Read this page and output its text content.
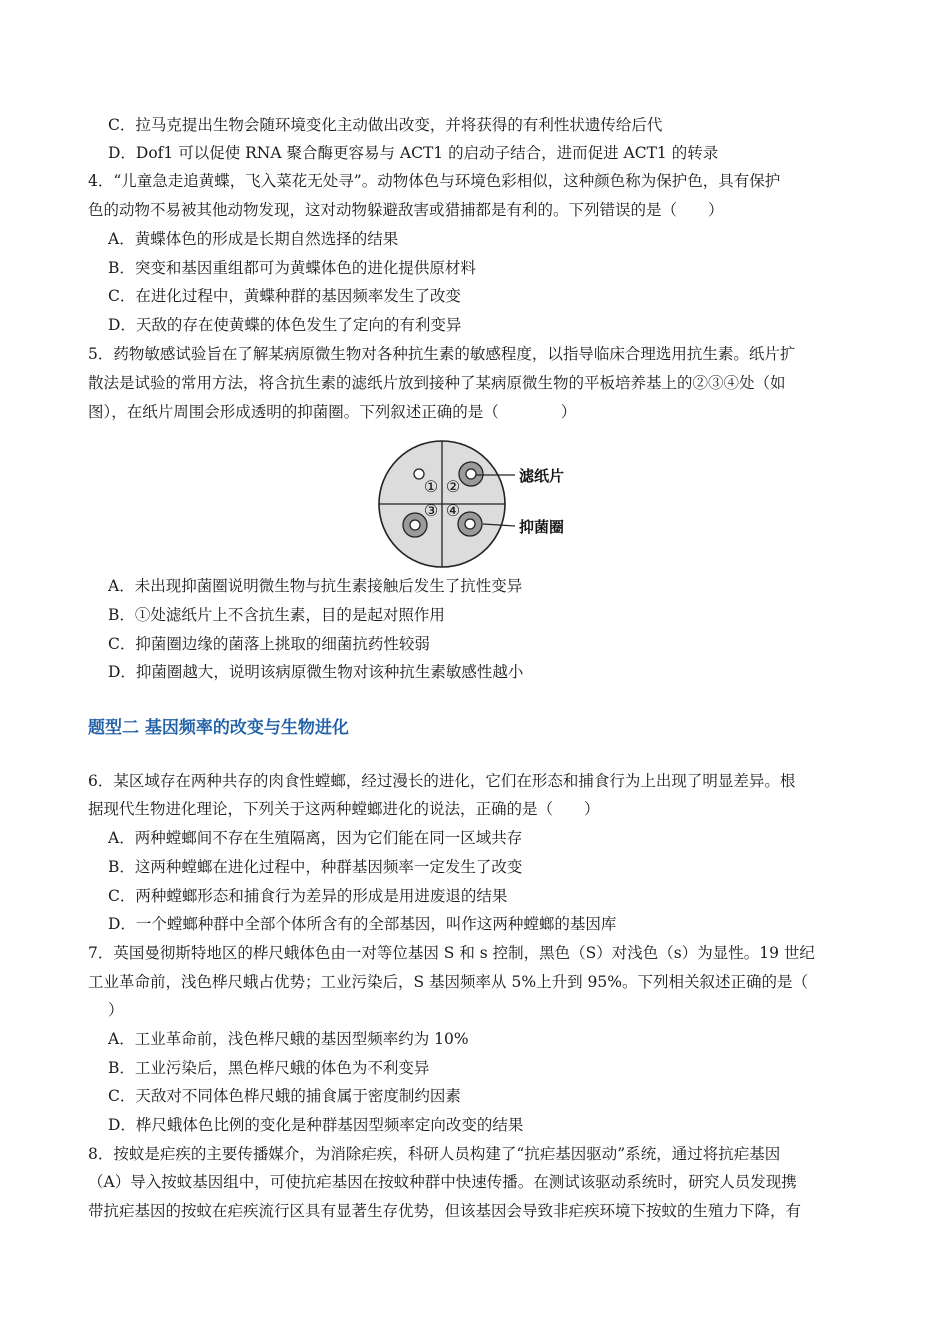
C．拉马克提出生物会随环境变化主动做出改变，并将获得的有利性状遗传给后代
D．Dof1 可以促使 RNA 聚合酶更容易与 ACT1 的启动子结合，进而促进 ACT1 的转录
4．“儿童急走追黄蝶，飞入菜花无处寻”。动物体色与环境色彩相似，这种颜色称为保护色，具有保护
色的动物不易被其他动物发现，这对动物躲避敌害或猎捕都是有利的。下列错误的是（　　）
A．黄蝶体色的形成是长期自然选择的结果
B．突变和基因重组都可为黄蝶体色的进化提供原材料
C．在进化过程中，黄蝶种群的基因频率发生了改变
D．天敌的存在使黄蝶的体色发生了定向的有利变异
5．药物敏感试验旨在了解某病原微生物对各种抗生素的敏感程度，以指导临床合理选用抗生素。纸片扩
散法是试验的常用方法，将含抗生素的滤纸片放到接种了某病原微生物的平板培养基上的②③④处（如
图），在纸片周围会形成透明的抑菌圈。下列叙述正确的是（　　　　）
① ②
③ ④
滤纸片
抑菌圈
A．未出现抑菌圈说明微生物与抗生素接触后发生了抗性变异
B．①处滤纸片上不含抗生素，目的是起对照作用
C．抑菌圈边缘的菌落上挑取的细菌抗药性较弱
D．抑菌圈越大，说明该病原微生物对该种抗生素敏感性越小
题型二 基因频率的改变与生物进化
6．某区域存在两种共存的肉食性螳螂，经过漫长的进化，它们在形态和捕食行为上出现了明显差异。根
据现代生物进化理论，下列关于这两种螳螂进化的说法，正确的是（　　）
A．两种螳螂间不存在生殖隔离，因为它们能在同一区域共存
B．这两种螳螂在进化过程中，种群基因频率一定发生了改变
C．两种螳螂形态和捕食行为差异的形成是用进废退的结果
D．一个螳螂种群中全部个体所含有的全部基因，叫作这两种螳螂的基因库
7．英国曼彻斯特地区的桦尺蛾体色由一对等位基因 S 和 s 控制，黑色（S）对浅色（s）为显性。19 世纪
工业革命前，浅色桦尺蛾占优势；工业污染后，S 基因频率从 5%上升到 95%。下列相关叙述正确的是（
）
A．工业革命前，浅色桦尺蛾的基因型频率约为 10%
B．工业污染后，黑色桦尺蛾的体色为不利变异
C．天敌对不同体色桦尺蛾的捕食属于密度制约因素
D．桦尺蛾体色比例的变化是种群基因型频率定向改变的结果
8．按蚊是疟疾的主要传播媒介，为消除疟疾，科研人员构建了“抗疟基因驱动”系统，通过将抗疟基因
（A）导入按蚊基因组中，可使抗疟基因在按蚊种群中快速传播。在测试该驱动系统时，研究人员发现携
带抗疟基因的按蚊在疟疾流行区具有显著生存优势，但该基因会导致非疟疾环境下按蚊的生殖力下降，有
